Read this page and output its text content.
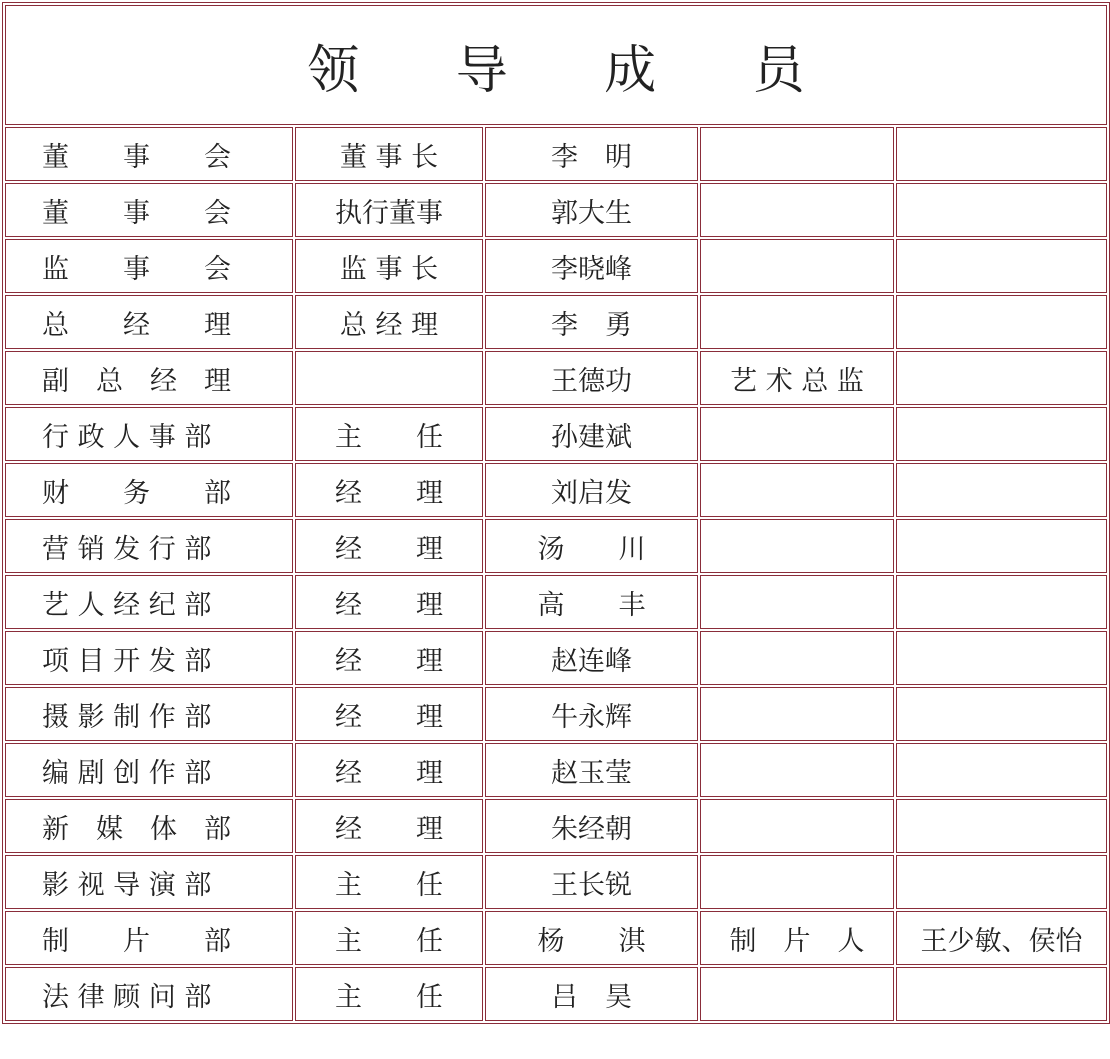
领 导 成 员				
董　　事　　会	董 事 长	李　明		
董　　事　　会	执行董事	郭大生		
监　　事　　会	监 事 长	李晓峰		
总　　经　　理	总 经 理	李　勇		
副　总　经　理		王德功	艺 术 总 监	
行 政 人 事 部	主　　任	孙建斌		
财　　务　　部	经　　理	刘启发		
营 销 发 行 部	经　　理	汤　　川		
艺 人 经 纪 部	经　　理	高　　丰		
项 目 开 发 部	经　　理	赵连峰		
摄 影 制 作 部	经　　理	牛永辉		
编 剧 创 作 部	经　　理	赵玉莹		
新　媒　体　部	经　　理	朱经朝		
影 视 导 演 部	主　　任	王长锐		
制　　片　　部	主　　任	杨　　淇	制　片　人	王少敏、侯怡
法 律 顾 问 部	主　　任	吕　昊		
